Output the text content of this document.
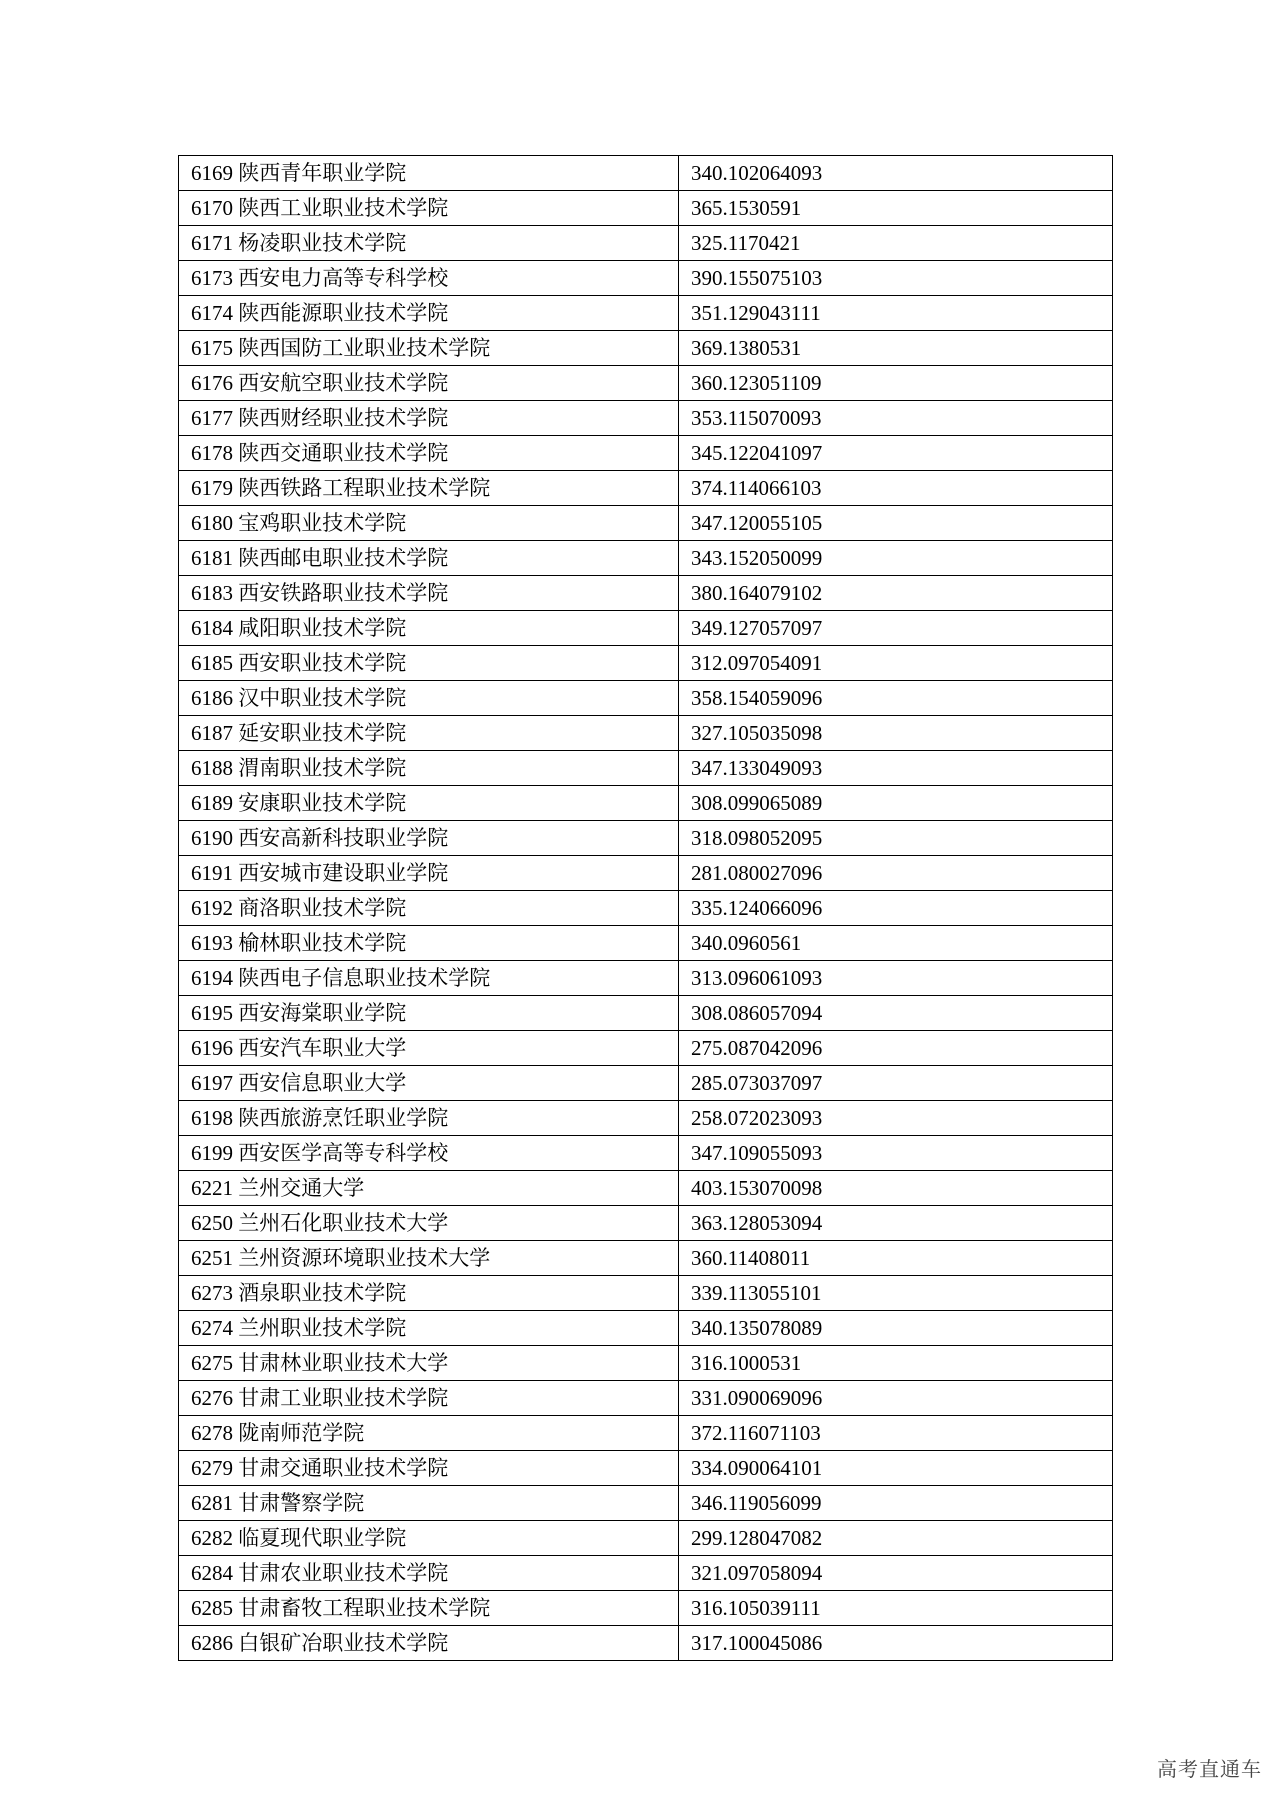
6169 陕西青年职业学院	340.102064093
6170 陕西工业职业技术学院	365.1530591
6171 杨凌职业技术学院	325.1170421
6173 西安电力高等专科学校	390.155075103
6174 陕西能源职业技术学院	351.129043111
6175 陕西国防工业职业技术学院	369.1380531
6176 西安航空职业技术学院	360.123051109
6177 陕西财经职业技术学院	353.115070093
6178 陕西交通职业技术学院	345.122041097
6179 陕西铁路工程职业技术学院	374.114066103
6180 宝鸡职业技术学院	347.120055105
6181 陕西邮电职业技术学院	343.152050099
6183 西安铁路职业技术学院	380.164079102
6184 咸阳职业技术学院	349.127057097
6185 西安职业技术学院	312.097054091
6186 汉中职业技术学院	358.154059096
6187 延安职业技术学院	327.105035098
6188 渭南职业技术学院	347.133049093
6189 安康职业技术学院	308.099065089
6190 西安高新科技职业学院	318.098052095
6191 西安城市建设职业学院	281.080027096
6192 商洛职业技术学院	335.124066096
6193 榆林职业技术学院	340.0960561
6194 陕西电子信息职业技术学院	313.096061093
6195 西安海棠职业学院	308.086057094
6196 西安汽车职业大学	275.087042096
6197 西安信息职业大学	285.073037097
6198 陕西旅游烹饪职业学院	258.072023093
6199 西安医学高等专科学校	347.109055093
6221 兰州交通大学	403.153070098
6250 兰州石化职业技术大学	363.128053094
6251 兰州资源环境职业技术大学	360.11408011
6273 酒泉职业技术学院	339.113055101
6274 兰州职业技术学院	340.135078089
6275 甘肃林业职业技术大学	316.1000531
6276 甘肃工业职业技术学院	331.090069096
6278 陇南师范学院	372.116071103
6279 甘肃交通职业技术学院	334.090064101
6281 甘肃警察学院	346.119056099
6282 临夏现代职业学院	299.128047082
6284 甘肃农业职业技术学院	321.097058094
6285 甘肃畜牧工程职业技术学院	316.105039111
6286 白银矿冶职业技术学院	317.100045086
高考直通车
